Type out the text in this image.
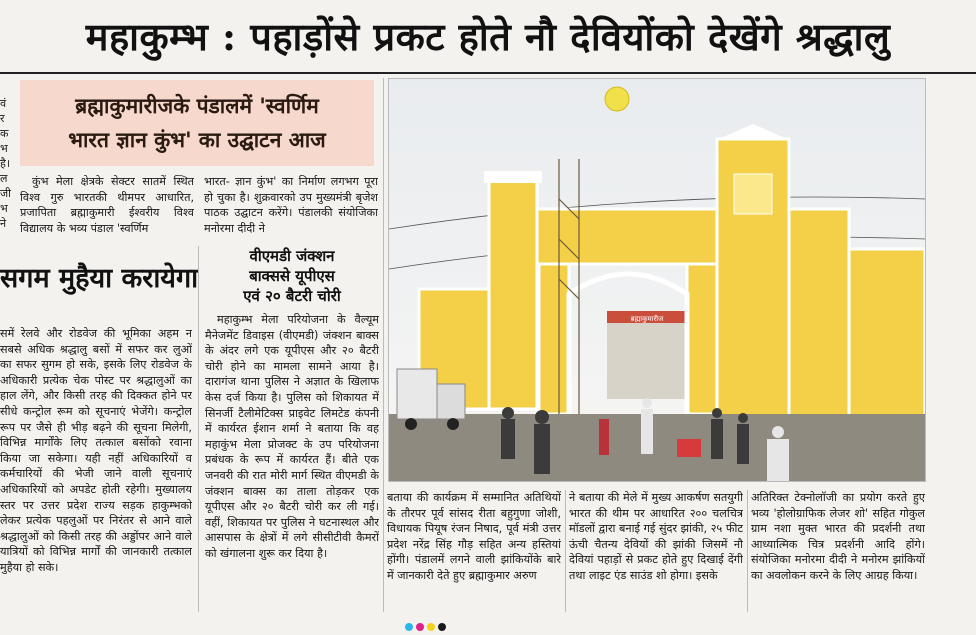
महाकुम्भ : पहाड़ोंसे प्रकट होते नौ देवियोंको देखेंगे श्रद्धालु
वं रक भ है। ल जी भ ने
ब्रह्माकुमारीजके पंडालमें 'स्वर्णिम
भारत ज्ञान कुंभ' का उद्घाटन आज

कुंभ मेला क्षेत्रके सेक्टर सातमें स्थित विश्व गुरु भारतकी थीमपर आधारित, प्रजापिता ब्रह्माकुमारी ईश्वरीय विश्व विद्यालय के भव्य पंडाल 'स्वर्णिम

भारत- ज्ञान कुंभ' का निर्माण लगभग पूरा हो चुका है। शुक्रवारको उप मुख्यमंत्री बृजेश पाठक उद्घाटन करेंगे। पंडालकी संयोजिका मनोरमा दीदी ने

सगम मुहैया करायेगा

समें रेलवे और रोडवेज की भूमिका अहम न सबसे अधिक श्रद्धालु बसों में सफर कर लुओं का सफर सुगम हो सके, इसके लिए रोडवेज के अधिकारी प्रत्येक चेक पोस्ट पर श्रद्धालुओं का हाल लेंगे, और किसी तरह की दिक्कत होने पर सीधे कन्ट्रोल रूम को सूचनाएं भेजेंगे। कन्ट्रोल रूप पर जैसे ही भीड़ बढ़ने की सूचना मिलेगी, विभिन्न मार्गोंके लिए तत्काल बसोंको रवाना किया जा सकेगा। यही नहीं अधिकारियों व कर्मचारियों की भेजी जाने वाली सूचनाएं अधिकारियों को अपडेट होती रहेगी। मुख्यालय स्तर पर उत्तर प्रदेश राज्य सड़क हाकुम्भको लेकर प्रत्येक पहलुओं पर निरंतर से आने वाले श्रद्धालुओं को किसी तरह की अड्डोंपर आने वाले यात्रियों को विभिन्न मार्गों की जानकारी तत्काल मुहैया हो सके।

वीएमडी जंक्शन
बाक्ससे यूपीएस
एवं २० बैटरी चोरी

महाकुम्भ मेला परियोजना के वैल्यूम मैनेजमेंट डिवाइस (वीएमडी) जंक्शन बाक्स के अंदर लगे एक यूपीएस और २० बैटरी चोरी होने का मामला सामने आया है। दारागंज थाना पुलिस ने अज्ञात के खिलाफ केस दर्ज किया है। पुलिस को शिकायत में सिनर्जी टैलीमेटिक्स प्राइवेट लिमटेड कंपनी में कार्यरत ईशान शर्मा ने बताया कि वह महाकुंभ मेला प्रोजक्ट के उप परियोजना प्रबंधक के रूप में कार्यरत हैं। बीते एक जनवरी की रात मोरी मार्ग स्थित वीएमडी के जंक्शन बाक्स का ताला तोड़कर एक यूपीएस और २० बैटरी चोरी कर ली गई। वहीं, शिकायत पर पुलिस ने घटनास्थल और आसपास के क्षेत्रों में लगे सीसीटीवी कैमरों को खंगालना शुरू कर दिया है।

ब्रह्माकुमारीज

बताया की कार्यक्रम में सम्मानित अतिथियों के तौरपर पूर्व सांसद रीता बहुगुणा जोशी, विधायक पियूष रंजन निषाद, पूर्व मंत्री उत्तर प्रदेश नरेंद्र सिंह गौड़ सहित अन्य हस्तियां होंगी। पंडालमें लगने वाली झांकियोंके बारे में जानकारी देते हुए ब्रह्माकुमार अरुण

ने बताया की मेले में मुख्य आकर्षण सतयुगी भारत की थीम पर आधारित २०० चलचित्र मॉडलों द्वारा बनाई गई सुंदर झांकी, २५ फीट ऊंची चैतन्य देवियों की झांकी जिसमें नौ देवियां पहाड़ों से प्रकट होते हुए दिखाई देंगी तथा लाइट एंड साउंड शो होगा। इसके

अतिरिक्त टेक्नोलॉजी का प्रयोग करते हुए भव्य 'होलोग्राफिक लेजर शो' सहित गोकुल ग्राम नशा मुक्त भारत की प्रदर्शनी तथा आध्यात्मिक चित्र प्रदर्शनी आदि होंगे। संयोजिका मनोरमा दीदी ने मनोरम झांकियों का अवलोकन करने के लिए आग्रह किया।
